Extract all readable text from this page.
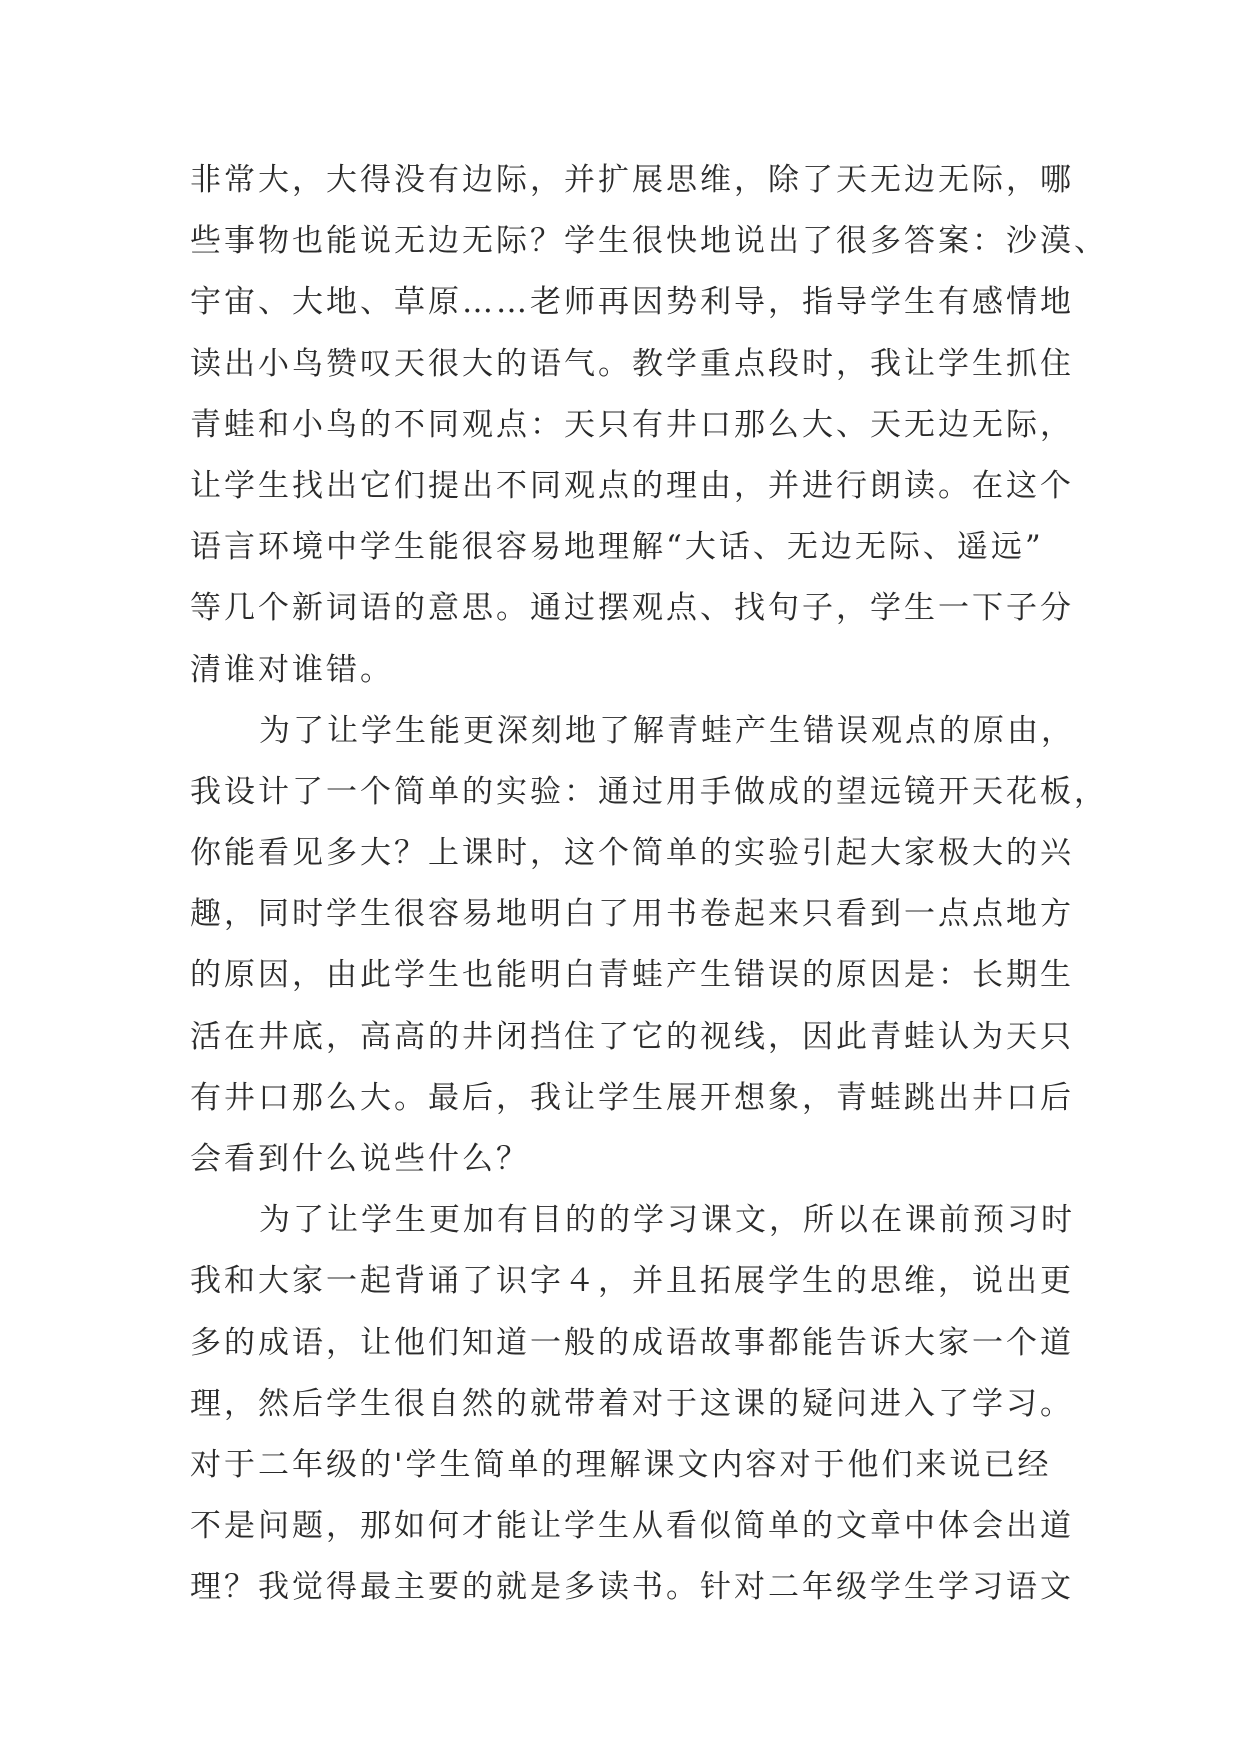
非常大，大得没有边际，并扩展思维，除了天无边无际，哪
些事物也能说无边无际？学生很快地说出了很多答案：沙漠、
宇宙、大地、草原……老师再因势利导，指导学生有感情地
读出小鸟赞叹天很大的语气。教学重点段时，我让学生抓住
青蛙和小鸟的不同观点：天只有井口那么大、天无边无际，
让学生找出它们提出不同观点的理由，并进行朗读。在这个
语言环境中学生能很容易地理解“大话、无边无际、遥远”
等几个新词语的意思。通过摆观点、找句子，学生一下子分
清谁对谁错。
为了让学生能更深刻地了解青蛙产生错误观点的原由，
我设计了一个简单的实验：通过用手做成的望远镜开天花板，
你能看见多大？上课时，这个简单的实验引起大家极大的兴
趣，同时学生很容易地明白了用书卷起来只看到一点点地方
的原因，由此学生也能明白青蛙产生错误的原因是：长期生
活在井底，高高的井闭挡住了它的视线，因此青蛙认为天只
有井口那么大。最后，我让学生展开想象，青蛙跳出井口后
会看到什么说些什么？
为了让学生更加有目的的学习课文，所以在课前预习时
我和大家一起背诵了识字４，并且拓展学生的思维，说出更
多的成语，让他们知道一般的成语故事都能告诉大家一个道
理，然后学生很自然的就带着对于这课的疑问进入了学习。
对于二年级的'学生简单的理解课文内容对于他们来说已经
不是问题，那如何才能让学生从看似简单的文章中体会出道
理？我觉得最主要的就是多读书。针对二年级学生学习语文
